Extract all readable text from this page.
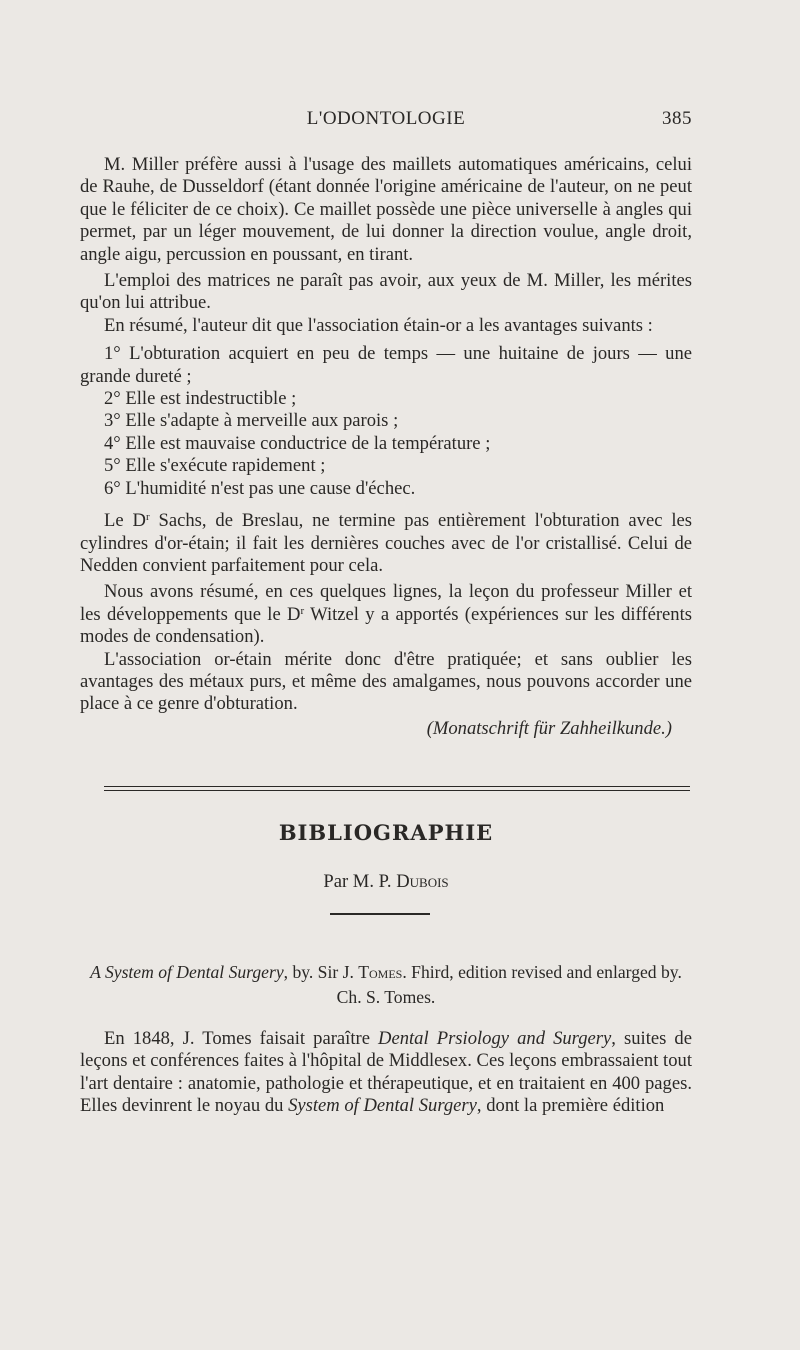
L'ODONTOLOGIE	385

M. Miller préfère aussi à l'usage des maillets automatiques américains, celui de Rauhe, de Dusseldorf (étant donnée l'origine américaine de l'auteur, on ne peut que le féliciter de ce choix). Ce maillet possède une pièce universelle à angles qui permet, par un léger mouvement, de lui donner la direction voulue, angle droit, angle aigu, percussion en poussant, en tirant.

L'emploi des matrices ne paraît pas avoir, aux yeux de M. Miller, les mérites qu'on lui attribue.

En résumé, l'auteur dit que l'association étain-or a les avantages suivants :

1° L'obturation acquiert en peu de temps — une huitaine de jours — une grande dureté ;

2° Elle est indestructible ;

3° Elle s'adapte à merveille aux parois ;

4° Elle est mauvaise conductrice de la température ;

5° Elle s'exécute rapidement ;

6° L'humidité n'est pas une cause d'échec.

Le $D^r$ Sachs, de Breslau, ne termine pas entièrement l'obturation avec les cylindres d'or-étain; il fait les dernières couches avec de l'or cristallisé. Celui de Nedden convient parfaitement pour cela.

Nous avons résumé, en ces quelques lignes, la leçon du professeur Miller et les développements que le $D^r$ Witzel y a apportés (expériences sur les différents modes de condensation).

L'association or-étain mérite donc d'être pratiquée; et sans oublier les avantages des métaux purs, et même des amalgames, nous pouvons accorder une place à ce genre d'obturation.

(Monatschrift für Zahheilkunde.)

BIBLIOGRAPHIE
Par M. P. Dubois
A System of Dental Surgery, by. Sir J. Tomes. Fhird, edition revised and enlarged by. Ch. S. Tomes.

En 1848, J. Tomes faisait paraître Dental Prsiology and Surgery, suites de leçons et conférences faites à l'hôpital de Middlesex. Ces leçons embrassaient tout l'art dentaire : anatomie, pathologie et thérapeutique, et en traitaient en 400 pages. Elles devinrent le noyau du System of Dental Surgery, dont la première édition
